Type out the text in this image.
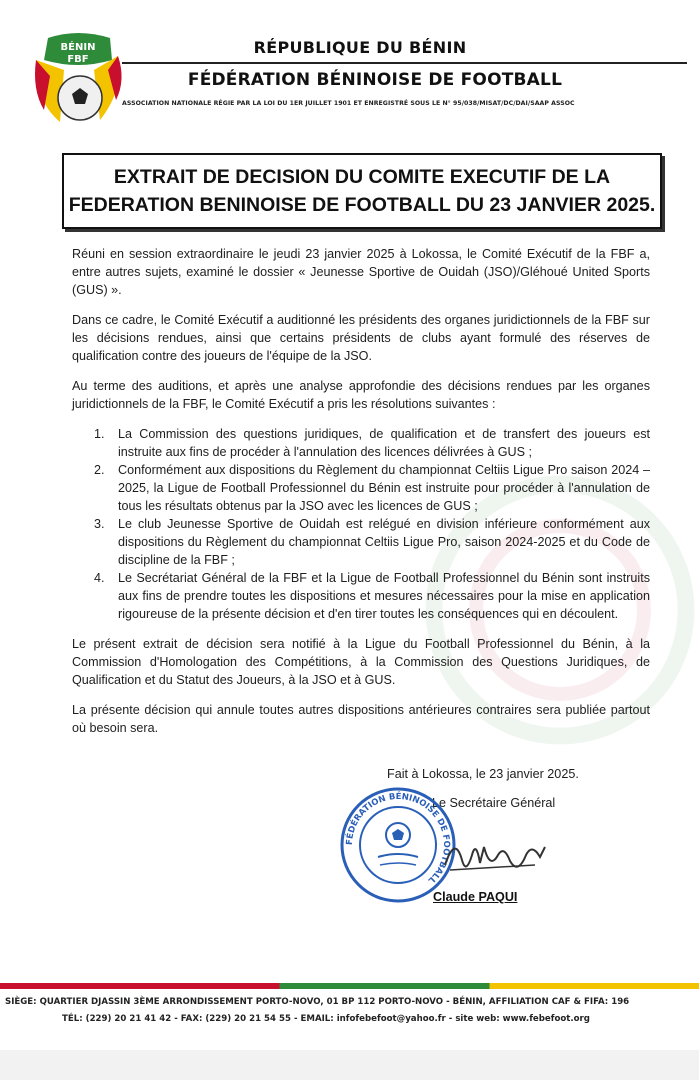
BÉNIN
FBF
RÉPUBLIQUE DU BÉNIN
FÉDÉRATION BÉNINOISE DE FOOTBALL
ASSOCIATION NATIONALE RÉGIE PAR LA LOI DU 1ER JUILLET 1901 ET ENREGISTRÉ SOUS LE N° 95/038/MISAT/DC/DAI/SAAP ASSOC
EXTRAIT DE DECISION DU COMITE EXECUTIF DE LA
FEDERATION BENINOISE DE FOOTBALL DU 23 JANVIER 2025.

Réuni en session extraordinaire le jeudi 23 janvier 2025 à Lokossa, le Comité Exécutif de la FBF a, entre autres sujets, examiné le dossier « Jeunesse Sportive de Ouidah (JSO)/Gléhoué United Sports (GUS) ».

Dans ce cadre, le Comité Exécutif a auditionné les présidents des organes juridictionnels de la FBF sur les décisions rendues, ainsi que certains présidents de clubs ayant formulé des réserves de qualification contre des joueurs de l'équipe de la JSO.

Au terme des auditions, et après une analyse approfondie des décisions rendues par les organes juridictionnels de la FBF, le Comité Exécutif a pris les résolutions suivantes :

1. La Commission des questions juridiques, de qualification et de transfert des joueurs est instruite aux fins de procéder à l'annulation des licences délivrées à GUS ;
2. Conformément aux dispositions du Règlement du championnat Celtiis Ligue Pro saison 2024 – 2025, la Ligue de Football Professionnel du Bénin est instruite pour procéder à l'annulation de tous les résultats obtenus par la JSO avec les licences de GUS ;
3. Le club Jeunesse Sportive de Ouidah est relégué en division inférieure conformément aux dispositions du Règlement du championnat Celtiis Ligue Pro, saison 2024-2025 et du Code de discipline de la FBF ;
4. Le Secrétariat Général de la FBF et la Ligue de Football Professionnel du Bénin sont instruits aux fins de prendre toutes les dispositions et mesures nécessaires pour la mise en application rigoureuse de la présente décision et d'en tirer toutes les conséquences qui en découlent.

Le présent extrait de décision sera notifié à la Ligue du Football Professionnel du Bénin, à la Commission d'Homologation des Compétitions, à la Commission des Questions Juridiques, de Qualification et du Statut des Joueurs, à la JSO et à GUS.

La présente décision qui annule toutes autres dispositions antérieures contraires sera publiée partout où besoin sera.

Fait à Lokossa, le 23 janvier 2025.
Le Secrétaire Général
FÉDÉRATION BÉNINOISE DE FOOTBALL
Claude PAQUI
SIÈGE: QUARTIER DJASSIN 3ÈME ARRONDISSEMENT PORTO-NOVO, 01 BP 112 PORTO-NOVO - BÉNIN, AFFILIATION CAF & FIFA: 196
TÉL: (229) 20 21 41 42 - FAX: (229) 20 21 54 55 - EMAIL: infofebefoot@yahoo.fr - site web: www.febefoot.org
